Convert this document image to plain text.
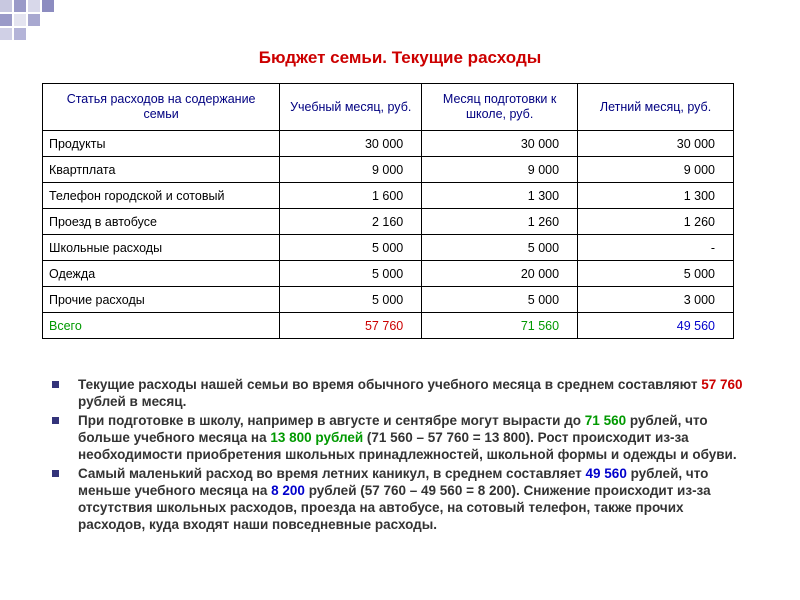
Бюджет семьи. Текущие расходы
Статья расходов на содержание семьи	Учебный месяц, руб.	Месяц подготовки к школе, руб.	Летний месяц, руб.
Продукты	30 000	30 000	30 000
Квартплата	9 000	9 000	9 000
Телефон городской и сотовый	1 600	1 300	1 300
Проезд в автобусе	2 160	1 260	1 260
Школьные расходы	5 000	5 000	-
Одежда	5 000	20 000	5 000
Прочие расходы	5 000	5 000	3 000
Всего	57 760	71 560	49 560
Текущие расходы нашей семьи во время обычного учебного месяца в среднем составляют 57 760 рублей в месяц.
При подготовке в школу, например в августе и сентябре могут вырасти до 71 560 рублей, что больше учебного месяца на 13 800 рублей (71 560 – 57 760 = 13 800). Рост происходит из-за необходимости приобретения школьных принадлежностей, школьной формы и одежды и обуви.
Самый маленький расход во время летних каникул, в среднем составляет 49 560 рублей, что меньше учебного месяца на 8 200 рублей (57 760 – 49 560 = 8 200). Снижение происходит из-за отсутствия школьных расходов, проезда на автобусе, на сотовый телефон, также прочих расходов, куда входят наши повседневные расходы.
